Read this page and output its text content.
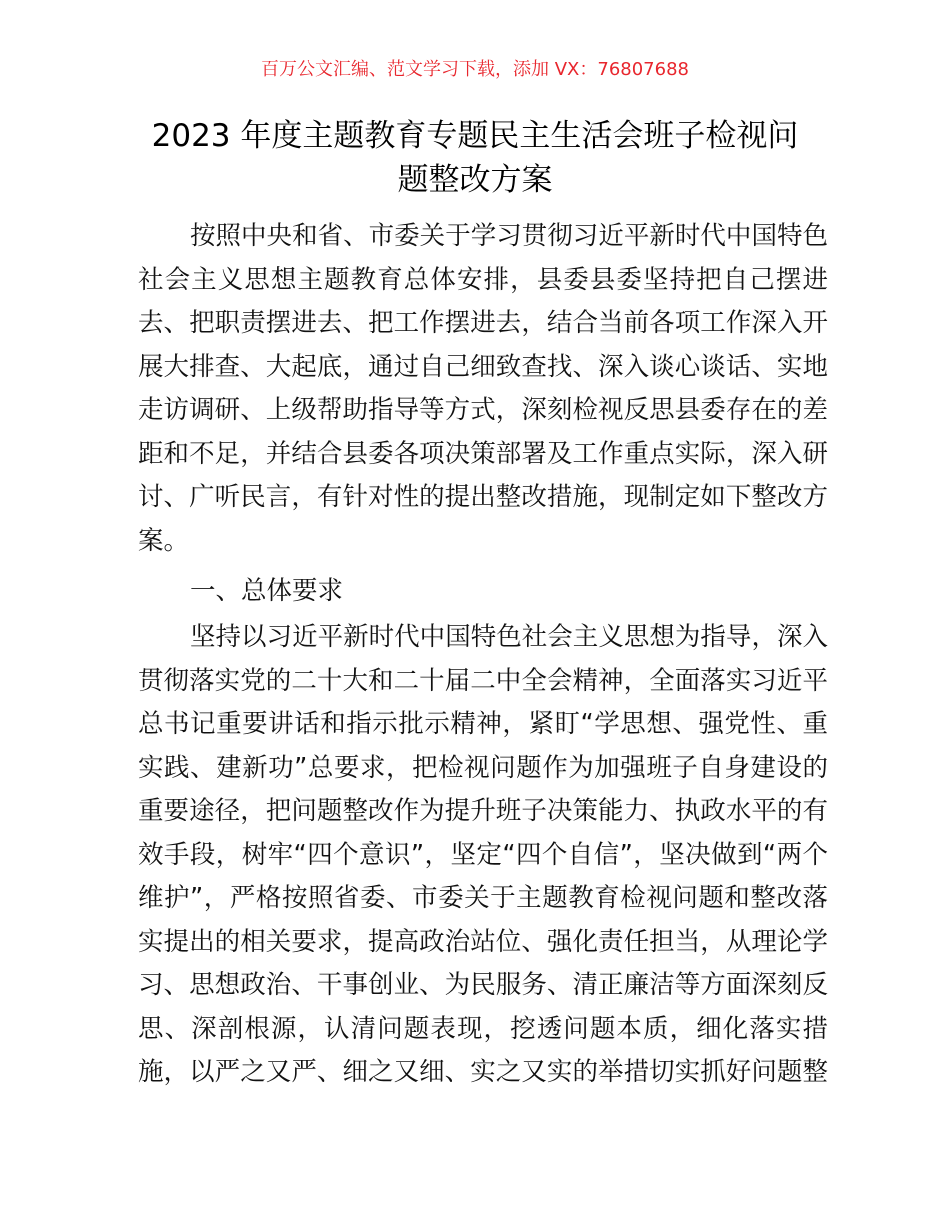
百万公文汇编、范文学习下载，添加 VX：76807688
2023 年度主题教育专题民主生活会班子检视问
题整改方案
按照中央和省、市委关于学习贯彻习近平新时代中国特色
社会主义思想主题教育总体安排，县委县委坚持把自己摆进
去、把职责摆进去、把工作摆进去，结合当前各项工作深入开
展大排查、大起底，通过自己细致查找、深入谈心谈话、实地
走访调研、上级帮助指导等方式，深刻检视反思县委存在的差
距和不足，并结合县委各项决策部署及工作重点实际，深入研
讨、广听民言，有针对性的提出整改措施，现制定如下整改方
案。
一、总体要求
坚持以习近平新时代中国特色社会主义思想为指导，深入
贯彻落实党的二十大和二十届二中全会精神，全面落实习近平
总书记重要讲话和指示批示精神，紧盯“学思想、强党性、重
实践、建新功”总要求，把检视问题作为加强班子自身建设的
重要途径，把问题整改作为提升班子决策能力、执政水平的有
效手段，树牢“四个意识”，坚定“四个自信”，坚决做到“两个
维护”，严格按照省委、市委关于主题教育检视问题和整改落
实提出的相关要求，提高政治站位、强化责任担当，从理论学
习、思想政治、干事创业、为民服务、清正廉洁等方面深刻反
思、深剖根源，认清问题表现，挖透问题本质，细化落实措
施，以严之又严、细之又细、实之又实的举措切实抓好问题整
